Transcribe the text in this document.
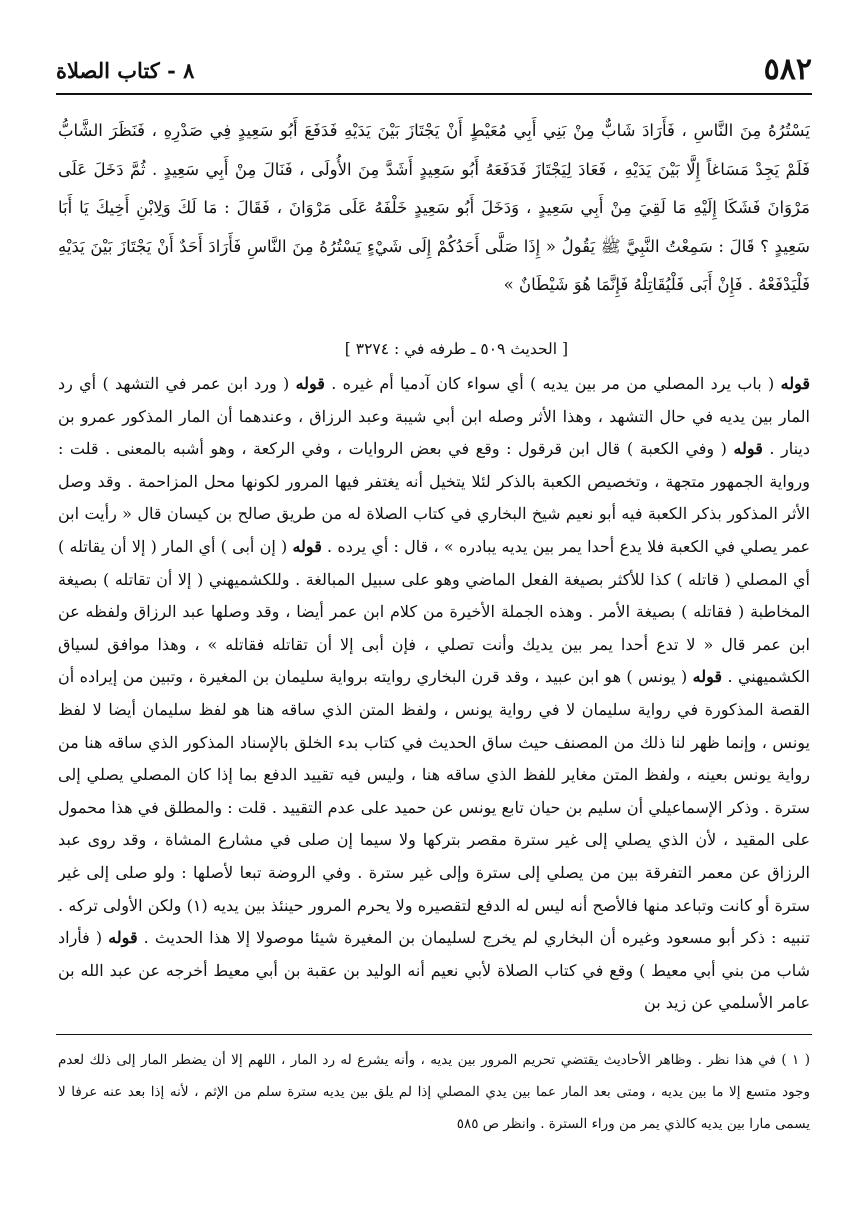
٥٨٢
٨ - كتاب الصلاة
يَسْتُرُهُ مِنَ النَّاسِ ، فَأَرَادَ شَابٌّ مِنْ بَنِي أَبِي مُعَيْطٍ أَنْ يَجْتَازَ بَيْنَ يَدَيْهِ فَدَفَعَ أَبُو سَعِيدٍ فِي صَدْرِهِ ، فَنَظَرَ الشَّابُّ فَلَمْ يَجِدْ مَسَاغاً إِلَّا بَيْنَ يَدَيْهِ ، فَعَادَ لِيَجْتَازَ فَدَفَعَهُ أَبُو سَعِيدٍ أَشَدَّ مِنَ الأُولَى ، فَنَالَ مِنْ أَبِي سَعِيدٍ . ثُمَّ دَخَلَ عَلَى مَرْوَانَ فَشَكَا إِلَيْهِ مَا لَقِيَ مِنْ أَبِي سَعِيدٍ ، وَدَخَلَ أَبُو سَعِيدٍ خَلْفَهُ عَلَى مَرْوَانَ ، فَقَالَ : مَا لَكَ وَلِابْنِ أَخِيكَ يَا أَبَا سَعِيدٍ ؟ قَالَ : سَمِعْتُ النَّبِيَّ ﷺ يَقُولُ « إِذَا صَلَّى أَحَدُكُمْ إِلَى شَيْءٍ يَسْتُرُهُ مِنَ النَّاسِ فَأَرَادَ أَحَدٌ أَنْ يَجْتَازَ بَيْنَ يَدَيْهِ فَلْيَدْفَعْهُ . فَإِنْ أَبَى فَلْيُقَاتِلْهُ فَإِنَّمَا هُوَ شَيْطَانٌ »
[ الحديث ٥٠٩ ـ طرفه في : ٣٢٧٤ ]
قوله ( باب يرد المصلي من مر بين يديه ) أي سواء كان آدميا أم غيره . قوله ( ورد ابن عمر في التشهد ) أي رد المار بين يديه في حال التشهد ، وهذا الأثر وصله ابن أبي شيبة وعبد الرزاق ، وعندهما أن المار المذكور عمرو بن دينار . قوله ( وفي الكعبة ) قال ابن قرقول : وقع في بعض الروايات ، وفي الركعة ، وهو أشبه بالمعنى . قلت : ورواية الجمهور متجهة ، وتخصيص الكعبة بالذكر لئلا يتخيل أنه يغتفر فيها المرور لكونها محل المزاحمة . وقد وصل الأثر المذكور بذكر الكعبة فيه أبو نعيم شيخ البخاري في كتاب الصلاة له من طريق صالح بن كيسان قال « رأيت ابن عمر يصلي في الكعبة فلا يدع أحدا يمر بين يديه يبادره » ، قال : أي يرده . قوله ( إن أبى ) أي المار ( إلا أن يقاتله ) أي المصلي ( قاتله ) كذا للأكثر بصيغة الفعل الماضي وهو على سبيل المبالغة . وللكشميهني ( إلا أن تقاتله ) بصيغة المخاطبة ( فقاتله ) بصيغة الأمر . وهذه الجملة الأخيرة من كلام ابن عمر أيضا ، وقد وصلها عبد الرزاق ولفظه عن ابن عمر قال « لا تدع أحدا يمر بين يديك وأنت تصلي ، فإن أبى إلا أن تقاتله فقاتله » ، وهذا موافق لسياق الكشميهني . قوله ( يونس ) هو ابن عبيد ، وقد قرن البخاري روايته برواية سليمان بن المغيرة ، وتبين من إيراده أن القصة المذكورة في رواية سليمان لا في رواية يونس ، ولفظ المتن الذي ساقه هنا هو لفظ سليمان أيضا لا لفظ يونس ، وإنما ظهر لنا ذلك من المصنف حيث ساق الحديث في كتاب بدء الخلق بالإسناد المذكور الذي ساقه هنا من رواية يونس بعينه ، ولفظ المتن مغاير للفظ الذي ساقه هنا ، وليس فيه تقييد الدفع بما إذا كان المصلي يصلي إلى سترة . وذكر الإسماعيلي أن سليم بن حيان تابع يونس عن حميد على عدم التقييد . قلت : والمطلق في هذا محمول على المقيد ، لأن الذي يصلي إلى غير سترة مقصر بتركها ولا سيما إن صلى في مشارع المشاة ، وقد روى عبد الرزاق عن معمر التفرقة بين من يصلي إلى سترة وإلى غير سترة . وفي الروضة تبعا لأصلها : ولو صلى إلى غير سترة أو كانت وتباعد منها فالأصح أنه ليس له الدفع لتقصيره ولا يحرم المرور حينئذ بين يديه (١) ولكن الأولى تركه . تنبيه : ذكر أبو مسعود وغيره أن البخاري لم يخرج لسليمان بن المغيرة شيئا موصولا إلا هذا الحديث . قوله ( فأراد شاب من بني أبي معيط ) وقع في كتاب الصلاة لأبي نعيم أنه الوليد بن عقبة بن أبي معيط أخرجه عن عبد الله بن عامر الأسلمي عن زيد بن
( ١ ) في هذا نظر . وظاهر الأحاديث يقتضي تحريم المرور بين يديه ، وأنه يشرع له رد المار ، اللهم إلا أن يضطر المار إلى ذلك لعدم وجود متسع إلا ما بين يديه ، ومتى بعد المار عما بين يدي المصلي إذا لم يلق بين يديه سترة سلم من الإثم ، لأنه إذا بعد عنه عرفا لا يسمى مارا بين يديه كالذي يمر من وراء السترة . وانظر ص ٥٨٥
